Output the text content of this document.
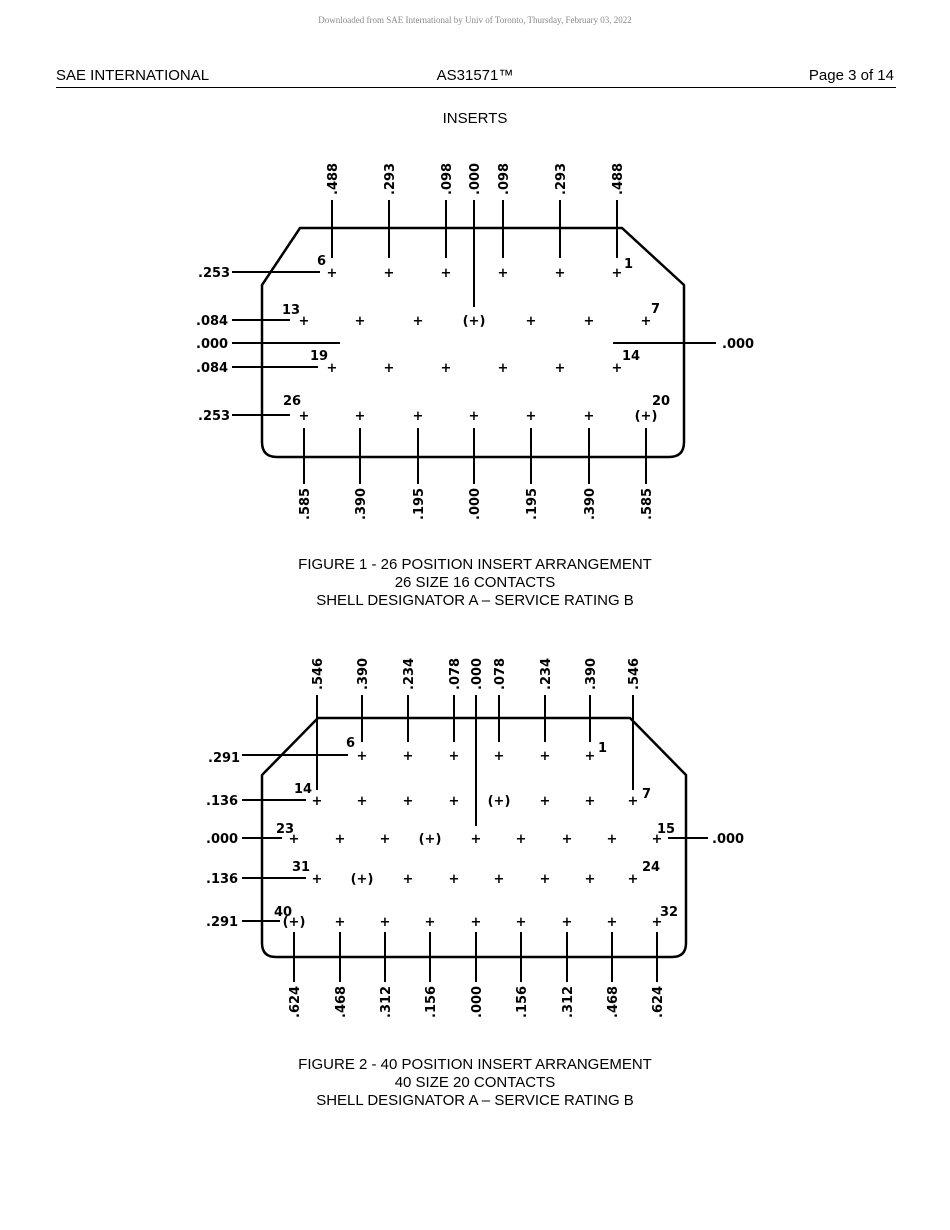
Downloaded from SAE International by Univ of Toronto, Thursday, February 03, 2022
SAE INTERNATIONAL	AS31571™	Page 3 of 14
INSERTS
.488	.293	.098 .000 .098	.293	.488
.585	.390	.195	.000	.195	.390	.585
.253
.084
.000
.084
.253
.000
+	+	+	+	+	+
+	+	+	(+)	+	+	+
+	+	+	+	+	+
+	+	+	+	+	+	(+)
1
6
7
13
14
19
20
26
FIGURE 1 - 26 POSITION INSERT ARRANGEMENT
26 SIZE 16 CONTACTS
SHELL DESIGNATOR A – SERVICE RATING B
.546 .390 .234 .078 .000 .078 .234 .390 .546
.624 .468 .312 .156 .000 .156 .312 .468 .624
.291
.136
.000
.136
.291
.000
+	+	+	+	+	+
+	+	+	+ (+) +	+ +
+	+	+ (+) +	+	+	+	+
+ (+) +	+	+	+	+ +
(+) +	+	+	+	+	+	+	+
1
6
7
14
15
23
24
31
32
40
FIGURE 2 - 40 POSITION INSERT ARRANGEMENT
40 SIZE 20 CONTACTS
SHELL DESIGNATOR A – SERVICE RATING B
